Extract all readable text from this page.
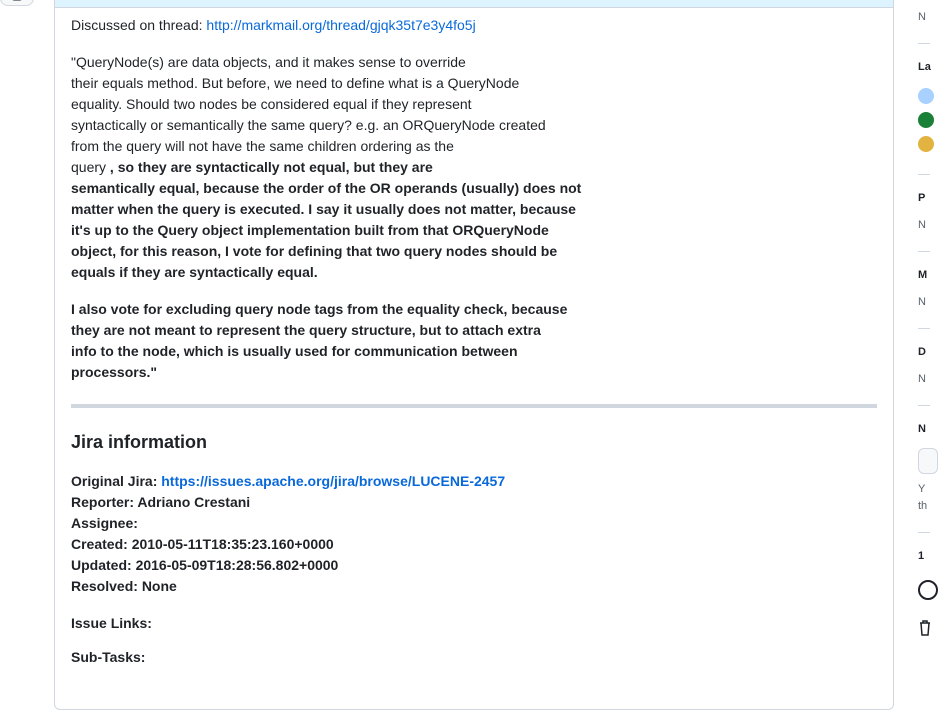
Discussed on thread: http://markmail.org/thread/gjqk35t7e3y4fo5j

"QueryNode(s) are data objects, and it makes sense to override

their equals method. But before, we need to define what is a QueryNode

equality. Should two nodes be considered equal if they represent

syntactically or semantically the same query? e.g. an ORQueryNode created

from the query will not have the same children ordering as the

query , so they are syntactically not equal, but they are

semantically equal, because the order of the OR operands (usually) does not

matter when the query is executed. I say it usually does not matter, because

it's up to the Query object implementation built from that ORQueryNode

object, for this reason, I vote for defining that two query nodes should be

equals if they are syntactically equal.

I also vote for excluding query node tags from the equality check, because

they are not meant to represent the query structure, but to attach extra

info to the node, which is usually used for communication between

processors."

Jira information

Original Jira: https://issues.apache.org/jira/browse/LUCENE-2457

Reporter: Adriano Crestani

Assignee:

Created: 2010-05-11T18:35:23.160+0000

Updated: 2016-05-09T18:28:56.802+0000

Resolved: None

Issue Links:

Sub-Tasks:

N
La
P
N
M
N
D
N
N
Y
th
1
